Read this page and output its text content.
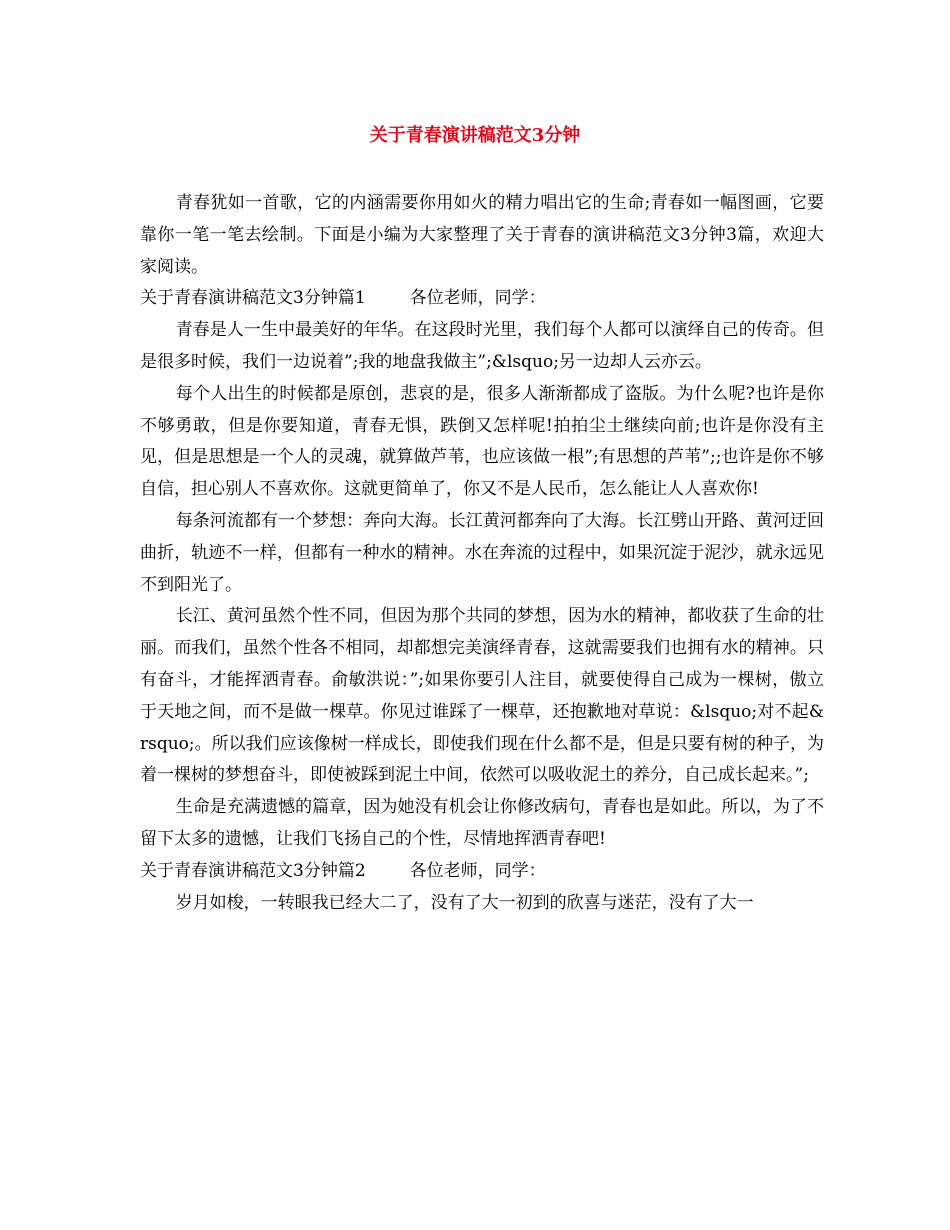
关于青春演讲稿范文3分钟

青春犹如一首歌，它的内涵需要你用如火的精力唱出它的生命;青春如一幅图画，它要靠你一笔一笔去绘制。下面是小编为大家整理了关于青春的演讲稿范文3分钟3篇，欢迎大家阅读。

关于青春演讲稿范文3分钟篇1	各位老师，同学：

青春是人一生中最美好的年华。在这段时光里，我们每个人都可以演绎自己的传奇。但是很多时候，我们一边说着”;我的地盘我做主”;&lsquo;另一边却人云亦云。

每个人出生的时候都是原创，悲哀的是，很多人渐渐都成了盗版。为什么呢?也许是你不够勇敢，但是你要知道，青春无惧，跌倒又怎样呢!拍拍尘土继续向前;也许是你没有主见，但是思想是一个人的灵魂，就算做芦苇，也应该做一根”;有思想的芦苇”;;也许是你不够自信，担心别人不喜欢你。这就更简单了，你又不是人民币，怎么能让人人喜欢你!

每条河流都有一个梦想：奔向大海。长江黄河都奔向了大海。长江劈山开路、黄河迂回曲折，轨迹不一样，但都有一种水的精神。水在奔流的过程中，如果沉淀于泥沙，就永远见不到阳光了。

长江、黄河虽然个性不同，但因为那个共同的梦想，因为水的精神，都收获了生命的壮丽。而我们，虽然个性各不相同，却都想完美演绎青春，这就需要我们也拥有水的精神。只有奋斗，才能挥洒青春。俞敏洪说：”;如果你要引人注目，就要使得自己成为一棵树，傲立于天地之间，而不是做一棵草。你见过谁踩了一棵草，还抱歉地对草说：&lsquo;对不起&rsquo;。所以我们应该像树一样成长，即使我们现在什么都不是，但是只要有树的种子，为着一棵树的梦想奋斗，即使被踩到泥土中间，依然可以吸收泥土的养分，自己成长起来。”;

生命是充满遗憾的篇章，因为她没有机会让你修改病句，青春也是如此。所以，为了不留下太多的遗憾，让我们飞扬自己的个性，尽情地挥洒青春吧!

关于青春演讲稿范文3分钟篇2	各位老师，同学：

岁月如梭，一转眼我已经大二了，没有了大一初到的欣喜与迷茫，没有了大一
